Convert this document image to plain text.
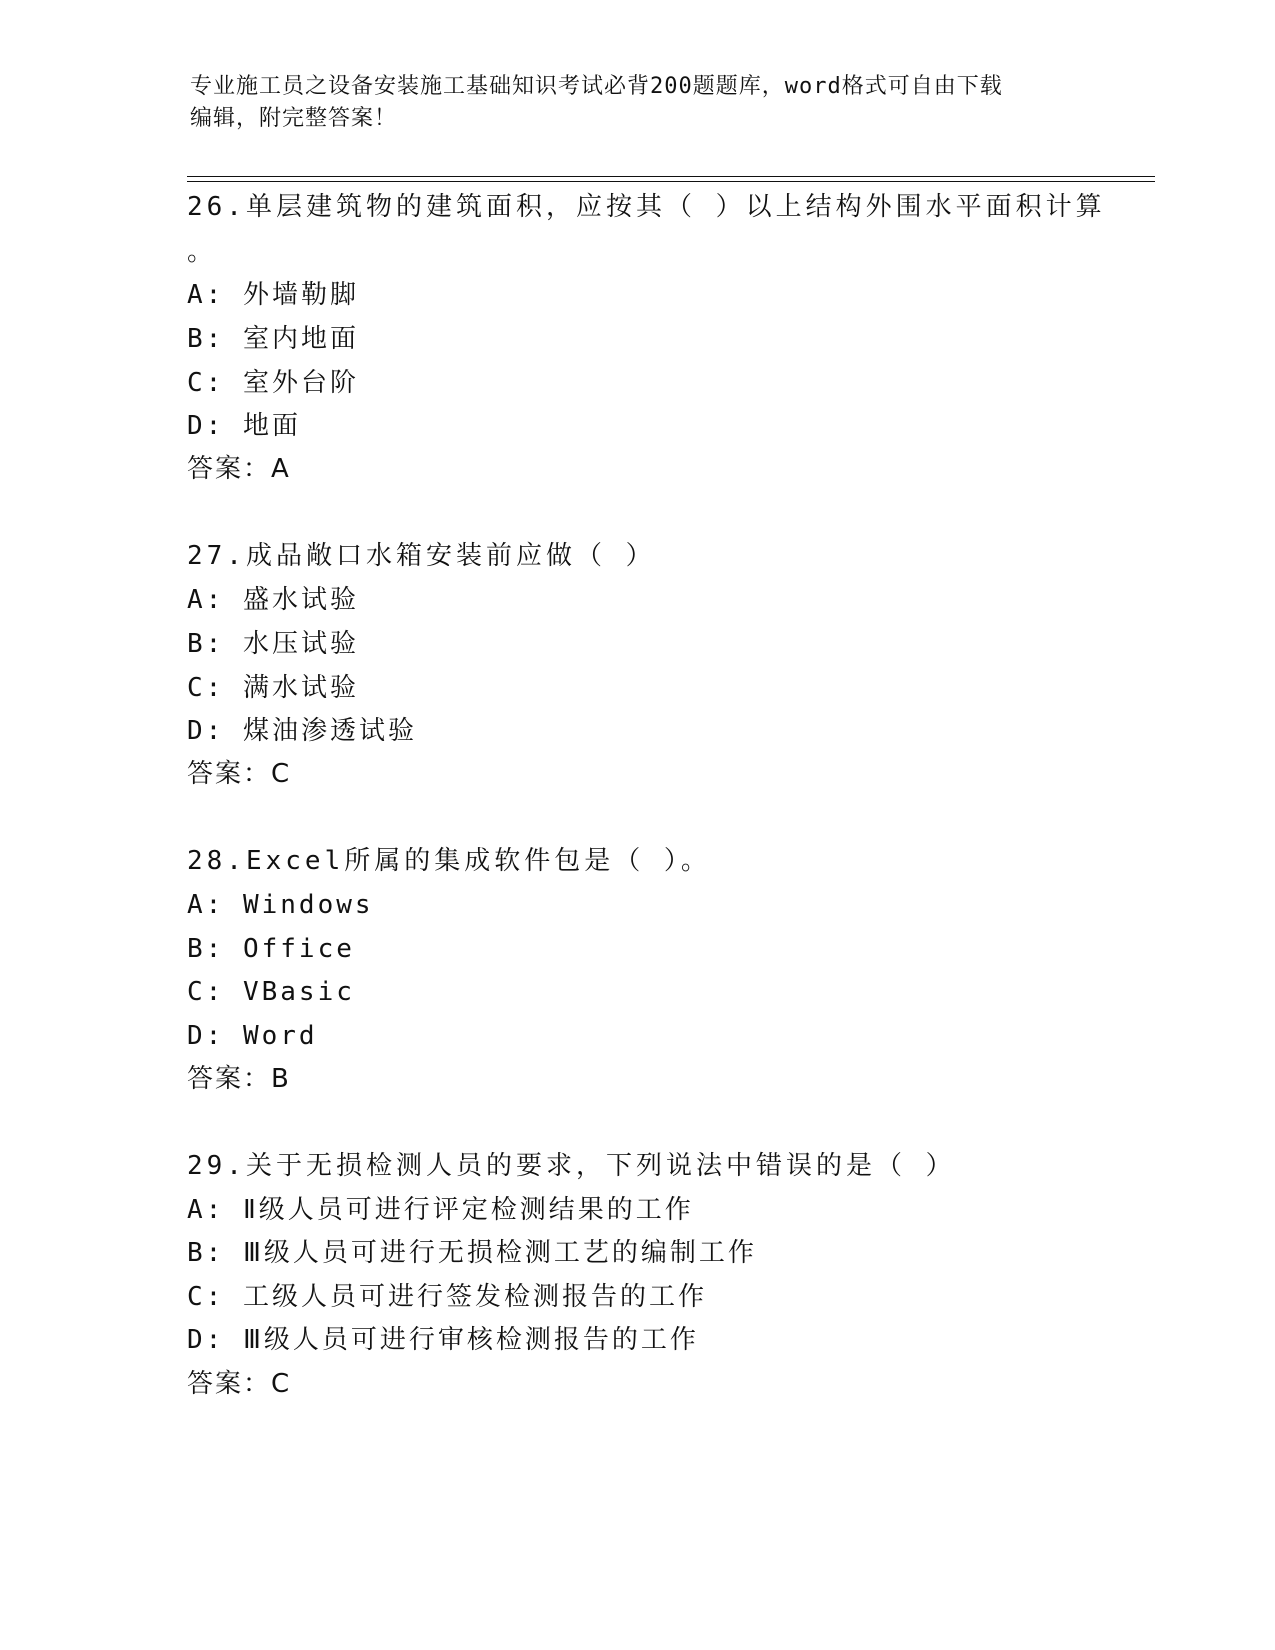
专业施工员之设备安装施工基础知识考试必背200题题库，word格式可自由下载
编辑，附完整答案！
26.单层建筑物的建筑面积，应按其（ ）以上结构外围水平面积计算
。
A: 外墙勒脚
B: 室内地面
C: 室外台阶
D: 地面
答案：A
27.成品敞口水箱安装前应做（ ）
A: 盛水试验
B: 水压试验
C: 满水试验
D: 煤油渗透试验
答案：C
28.Excel所属的集成软件包是（ ）。
A: Windows
B: Office
C: VBasic
D: Word
答案：B
29.关于无损检测人员的要求，下列说法中错误的是（ ）
A: Ⅱ级人员可进行评定检测结果的工作
B: Ⅲ级人员可进行无损检测工艺的编制工作
C: 工级人员可进行签发检测报告的工作
D: Ⅲ级人员可进行审核检测报告的工作
答案：C
